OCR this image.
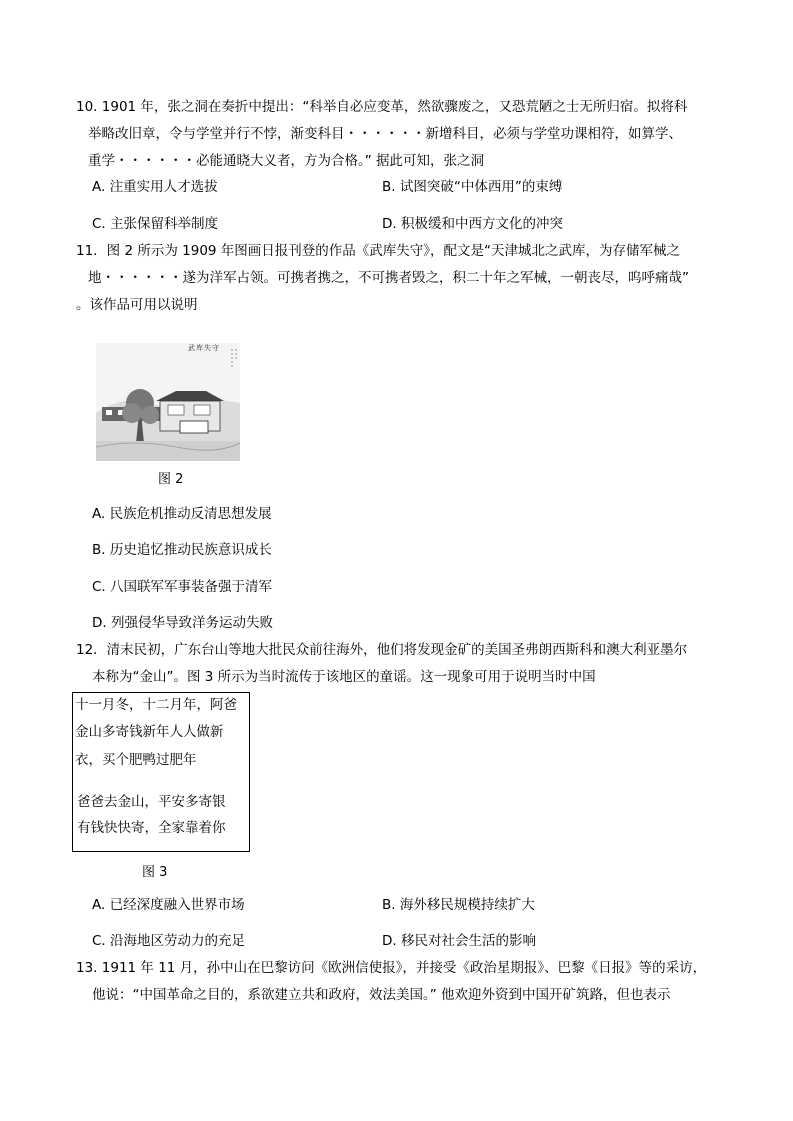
10. 1901 年，张之洞在奏折中提出：“科举自必应变革，然欲骤废之，又恐荒陋之士无所归宿。拟将科
举略改旧章，令与学堂并行不悖，渐变科目・・・・・・新增科目，必须与学堂功课相符，如算学、
重学・・・・・・必能通晓大义者，方为合格。” 据此可知，张之洞
A. 注重实用人才选拔	B. 试图突破“中体西用”的束缚
C. 主张保留科举制度	D. 积极缓和中西方文化的冲突
11．图 2 所示为 1909 年图画日报刊登的作品《武库失守》，配文是“天津城北之武库，为存储军械之
地・・・・・・遂为洋军占领。可携者携之，不可携者毁之，积二十年之军械，一朝丧尽，呜呼痛哉”
。该作品可用以说明
武库失守
图 2
A. 民族危机推动反清思想发展
B. 历史追忆推动民族意识成长
C. 八国联军军事装备强于清军
D. 列强侵华导致洋务运动失败
12．清末民初，广东台山等地大批民众前往海外，他们将发现金矿的美国圣弗朗西斯科和澳大利亚墨尔
本称为“金山”。图 3 所示为当时流传于该地区的童谣。这一现象可用于说明当时中国
十一月冬，十二月年，阿爸
金山多寄钱新年人人做新
衣，买个肥鸭过肥年
爸爸去金山，平安多寄银
有钱快快寄，全家靠着你
图 3
A. 已经深度融入世界市场	B. 海外移民规模持续扩大
C. 沿海地区劳动力的充足	D. 移民对社会生活的影响
13. 1911 年 11 月，孙中山在巴黎访问《欧洲信使报》，并接受《政治星期报》、巴黎《日报》等的采访，
他说：“中国革命之目的，系欲建立共和政府，效法美国。” 他欢迎外资到中国开矿筑路，但也表示
